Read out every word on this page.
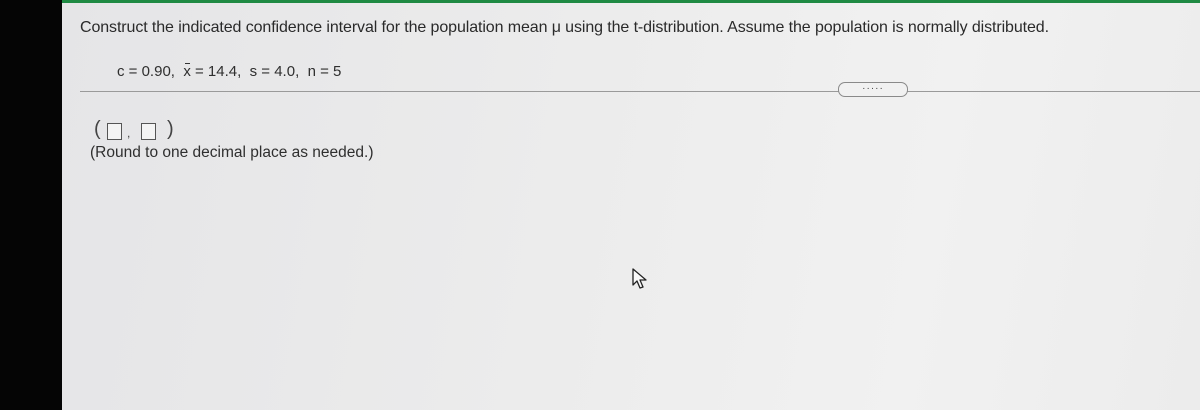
Construct the indicated confidence interval for the population mean μ using the t-distribution. Assume the population is normally distributed.
c = 0.90, x = 14.4, s = 4.0, n = 5
·····
( , )
(Round to one decimal place as needed.)
